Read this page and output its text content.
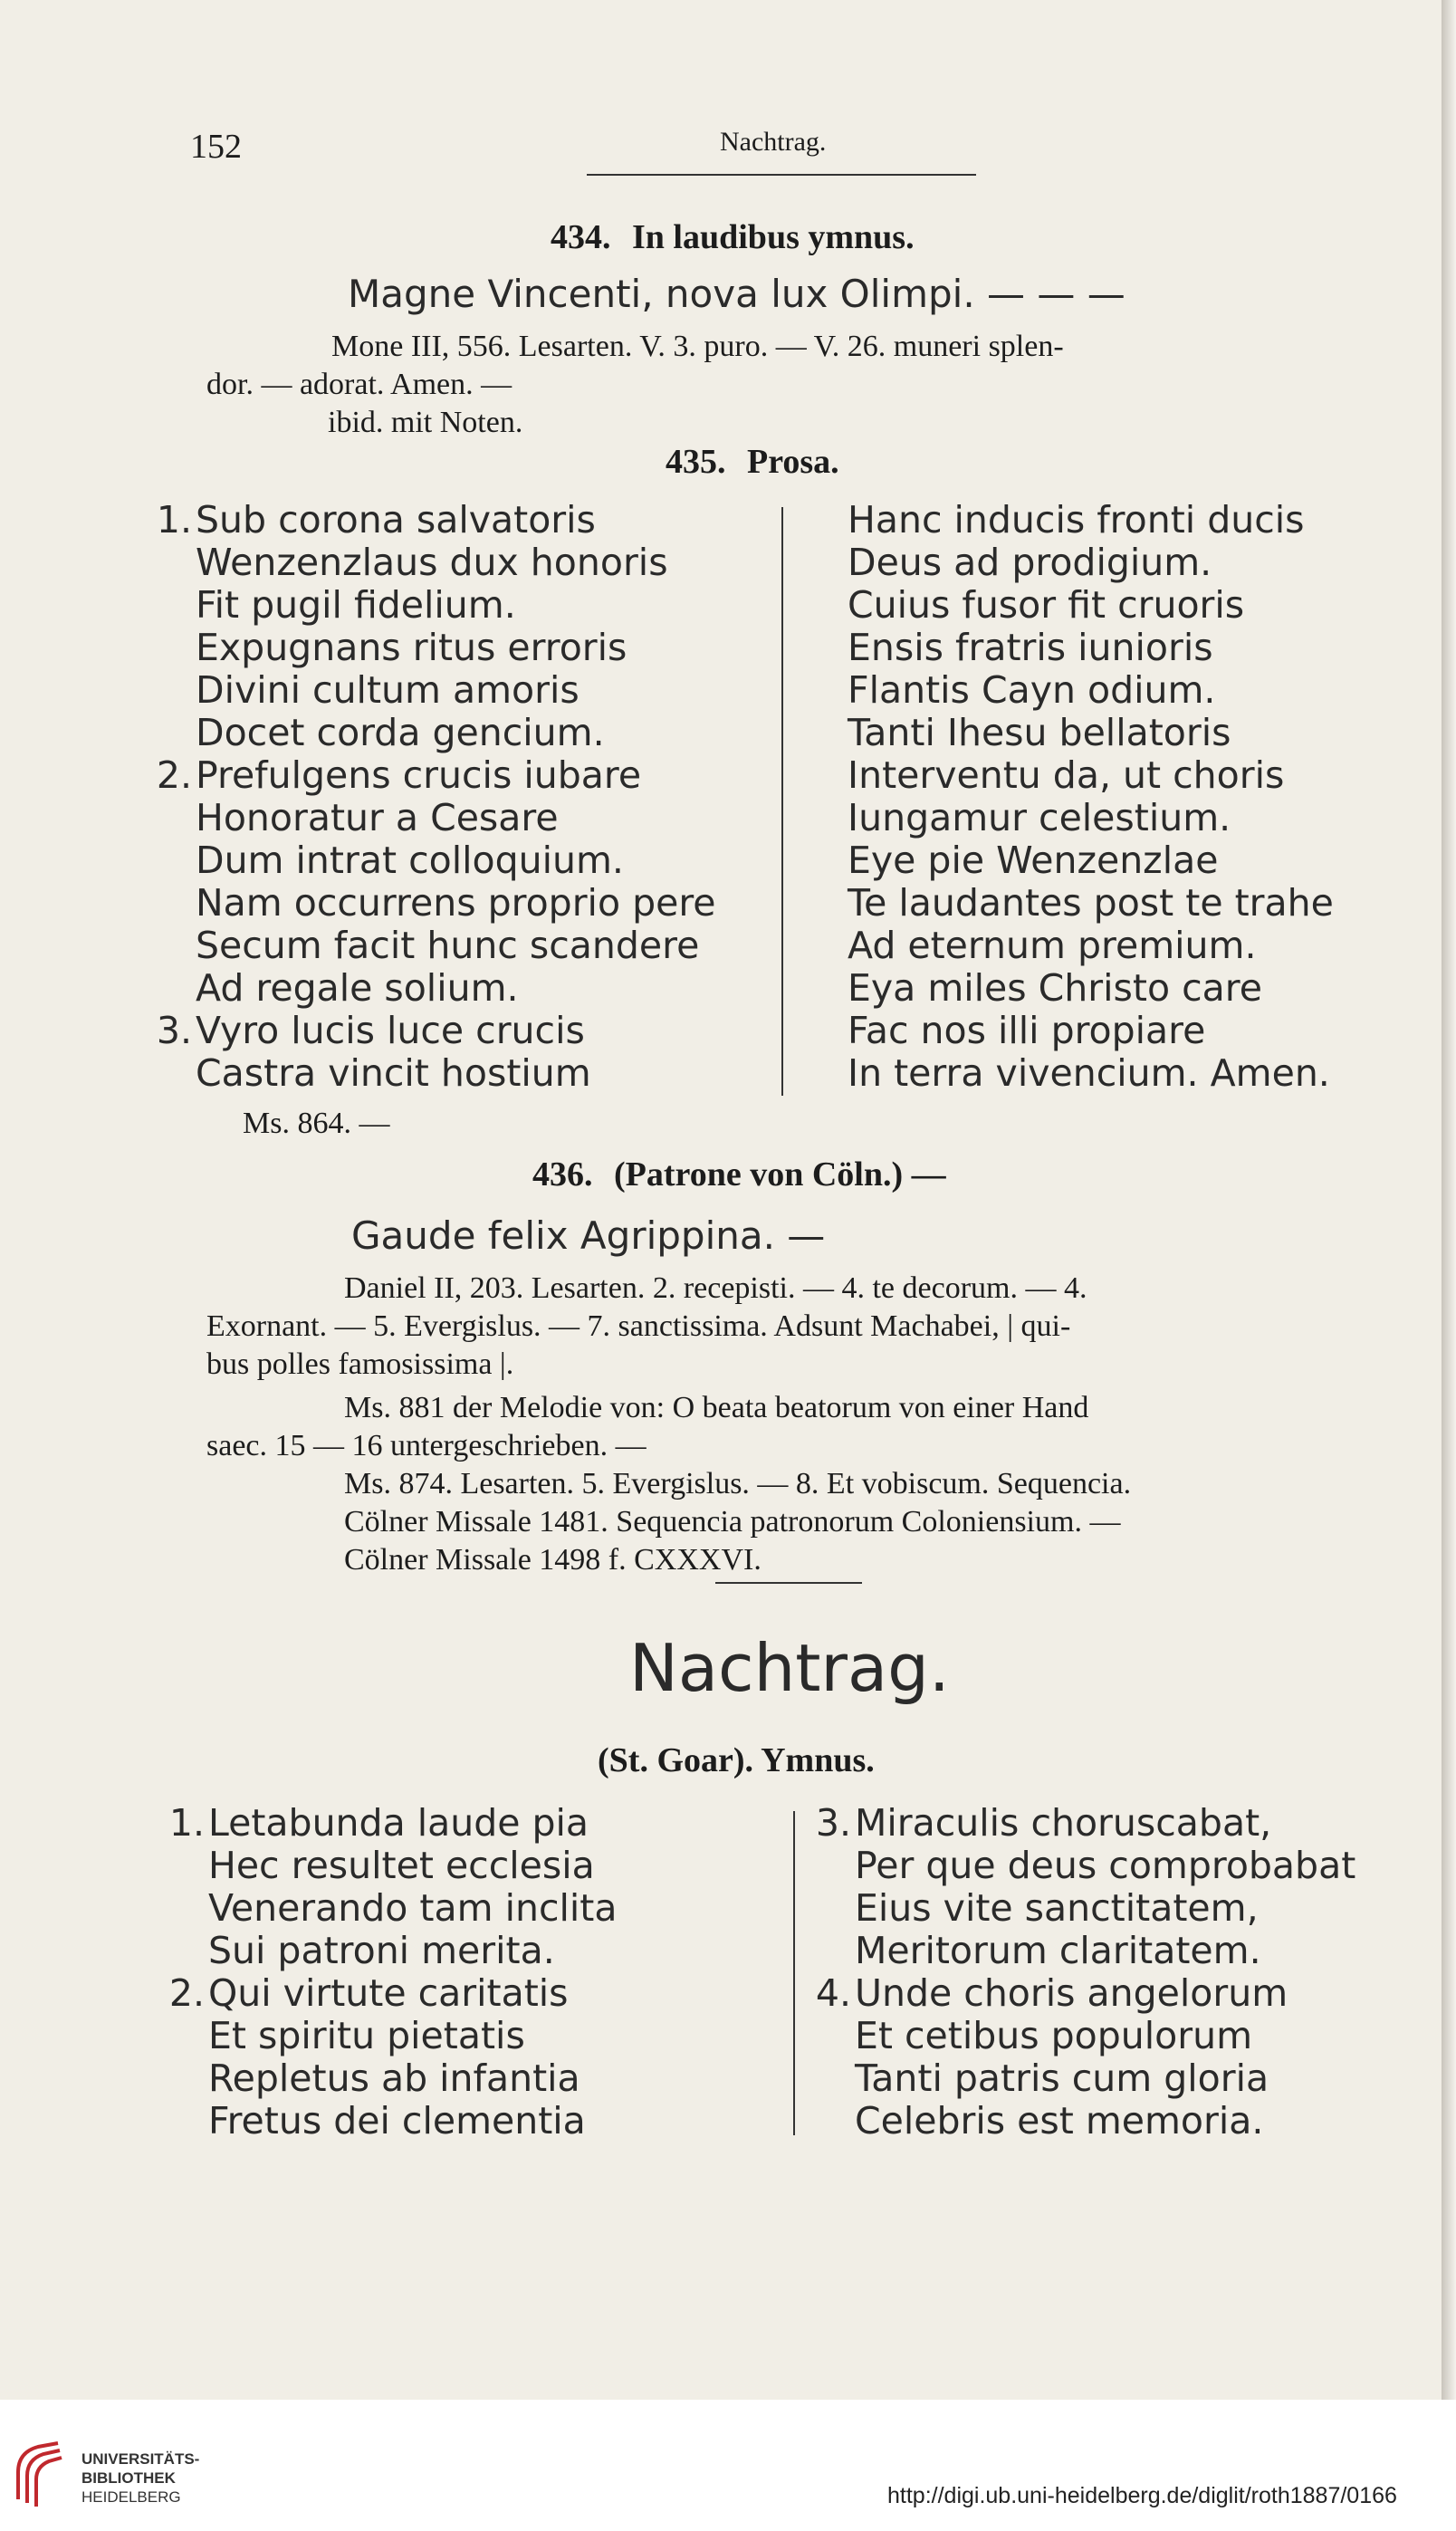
152	Nachtrag.
434. In laudibus ymnus.
Magne Vincenti, nova lux Olimpi. — — —

Mone III, 556. Lesarten. V. 3. puro. — V. 26. muneri splen-

dor. — adorat. Amen. —

ibid. mit Noten.

435. Prosa.
1.Sub corona salvatoris
Wenzenzlaus dux honoris
Fit pugil fidelium.
Expugnans ritus erroris
Divini cultum amoris
Docet corda gencium.
2.Prefulgens crucis iubare
Honoratur a Cesare
Dum intrat colloquium.
Nam occurrens proprio pere
Secum facit hunc scandere
Ad regale solium.
3.Vyro lucis luce crucis
Castra vincit hostium
Hanc inducis fronti ducis
Deus ad prodigium.
Cuius fusor fit cruoris
Ensis fratris iunioris
Flantis Cayn odium.
Tanti Ihesu bellatoris
Interventu da, ut choris
Iungamur celestium.
Eye pie Wenzenzlae
Te laudantes post te trahe
Ad eternum premium.
Eya miles Christo care
Fac nos illi propiare
In terra vivencium. Amen.
Ms. 864. —
436. (Patrone von Cöln.) —
Gaude felix Agrippina. —

Daniel II, 203. Lesarten. 2. recepisti. — 4. te decorum. — 4.

Exornant. — 5. Evergislus. — 7. sanctissima. Adsunt Machabei, | qui-

bus polles famosissima |.

Ms. 881 der Melodie von: O beata beatorum von einer Hand

saec. 15 — 16 untergeschrieben. —

Ms. 874. Lesarten. 5. Evergislus. — 8. Et vobiscum. Sequencia.

Cölner Missale 1481. Sequencia patronorum Coloniensium. —

Cölner Missale 1498 f. CXXXVI.

Nachtrag.
(St. Goar). Ymnus.
1.Letabunda laude pia
Hec resultet ecclesia
Venerando tam inclita
Sui patroni merita.
2.Qui virtute caritatis
Et spiritu pietatis
Repletus ab infantia
Fretus dei clementia
3.Miraculis choruscabat,
Per que deus comprobabat
Eius vite sanctitatem,
Meritorum claritatem.
4.Unde choris angelorum
Et cetibus populorum
Tanti patris cum gloria
Celebris est memoria.
UNIVERSITÄTS-
BIBLIOTHEK
HEIDELBERG	http://digi.ub.uni-heidelberg.de/diglit/roth1887/0166
